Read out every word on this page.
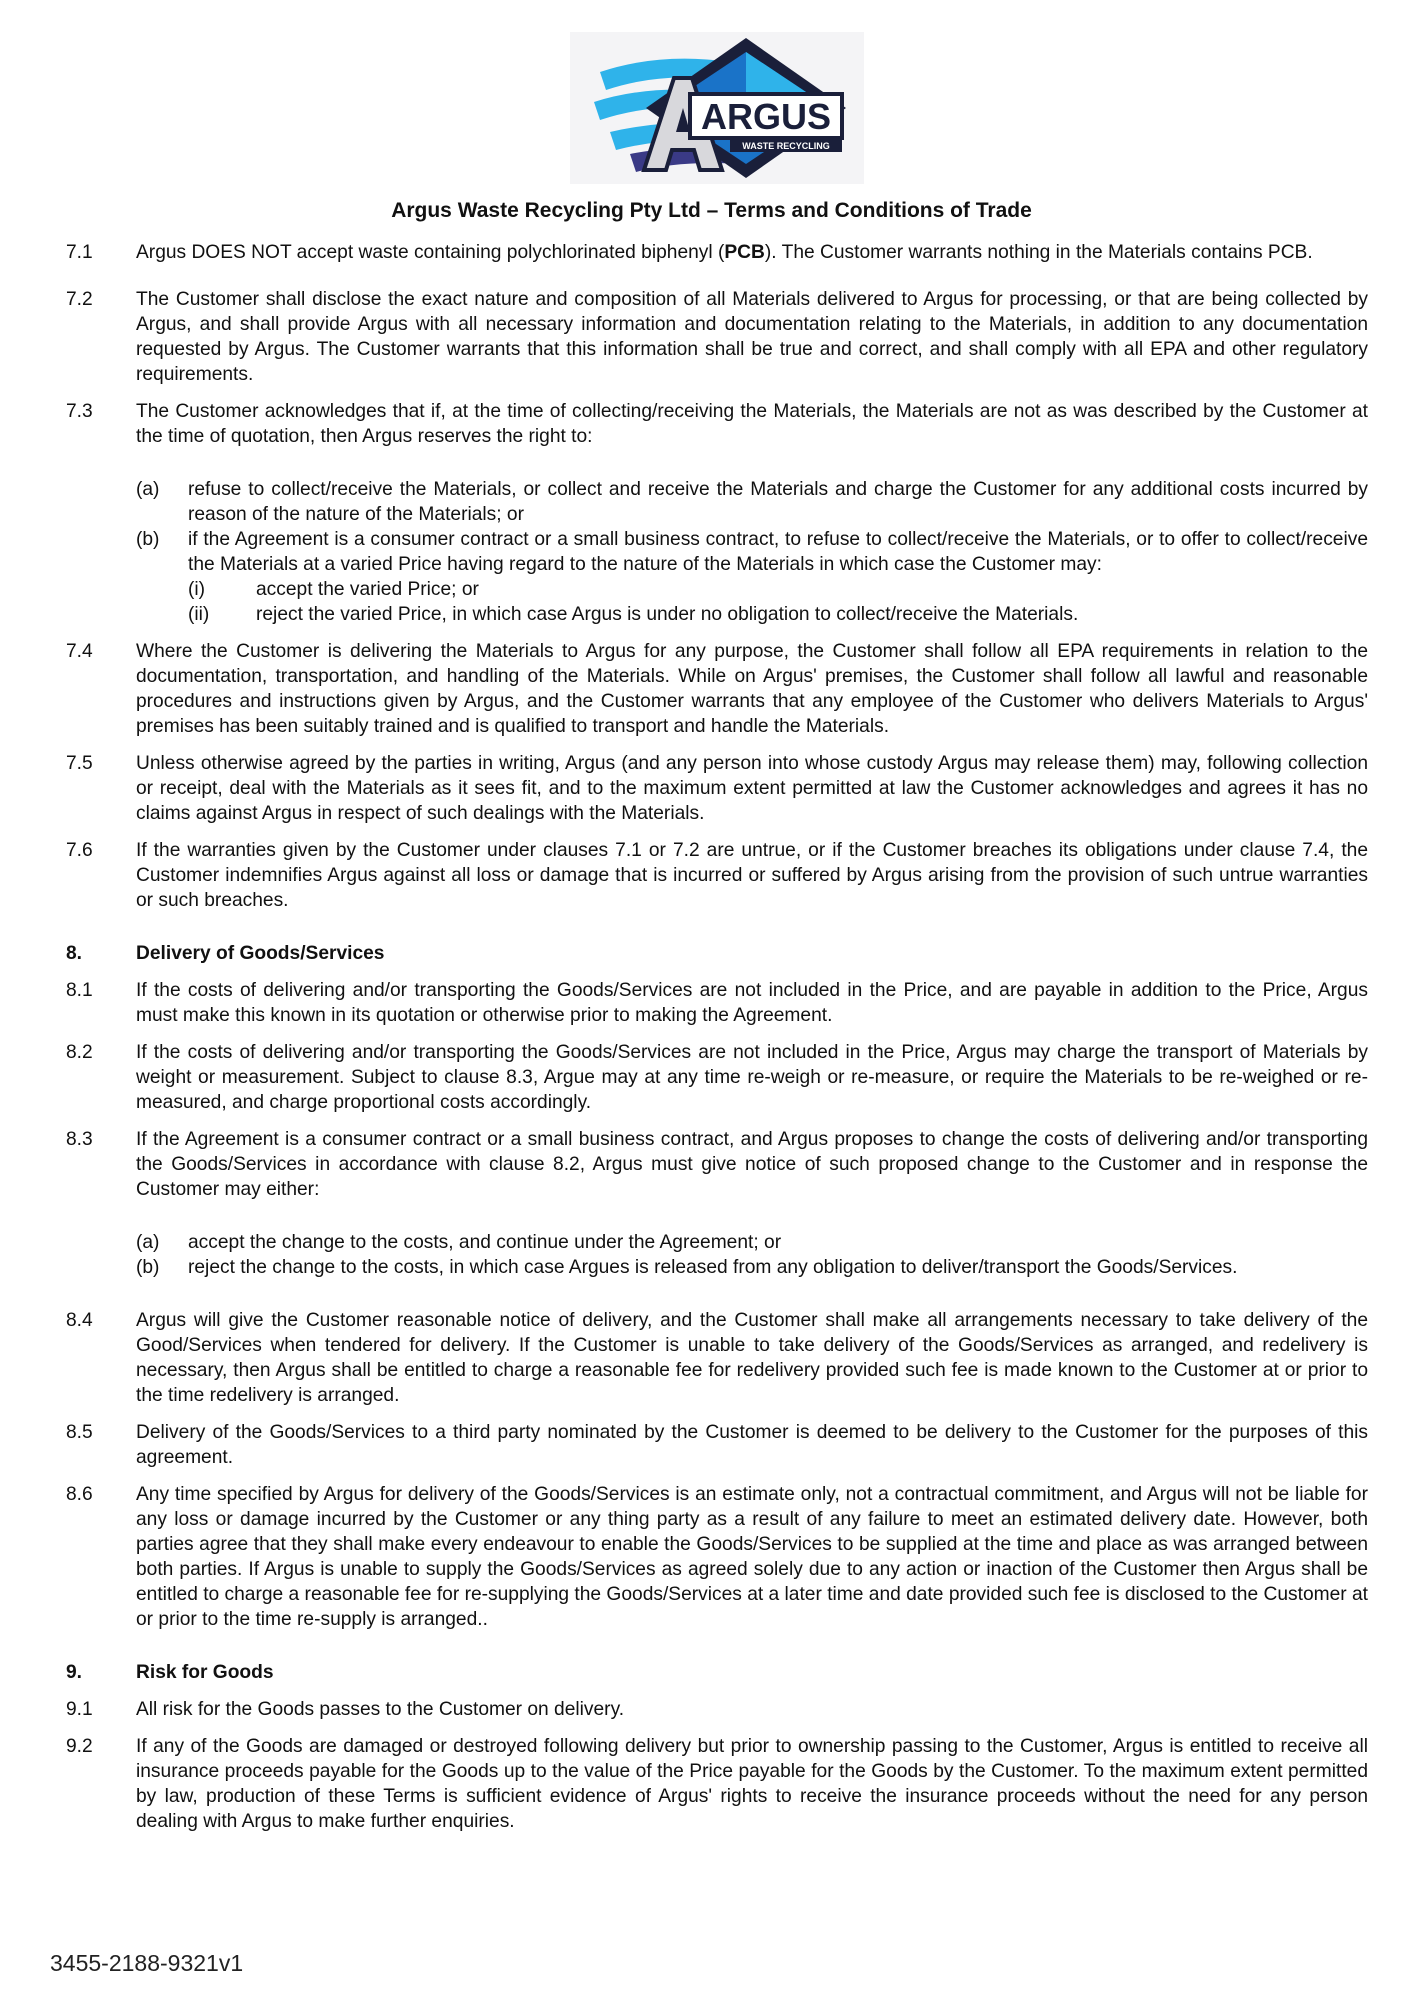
ARGUS
WASTE RECYCLING
Argus Waste Recycling Pty Ltd – Terms and Conditions of Trade
7.1	Argus DOES NOT accept waste containing polychlorinated biphenyl (PCB). The Customer warrants nothing in the Materials contains PCB.
7.2	The Customer shall disclose the exact nature and composition of all Materials delivered to Argus for processing, or that are being collected by Argus, and shall provide Argus with all necessary information and documentation relating to the Materials, in addition to any documentation requested by Argus. The Customer warrants that this information shall be true and correct, and shall comply with all EPA and other regulatory requirements.
7.3	The Customer acknowledges that if, at the time of collecting/receiving the Materials, the Materials are not as was described by the Customer at the time of quotation, then Argus reserves the right to:

(a)	refuse to collect/receive the Materials, or collect and receive the Materials and charge the Customer for any additional costs incurred by reason of the nature of the Materials; or
(b)	if the Agreement is a consumer contract or a small business contract, to refuse to collect/receive the Materials, or to offer to collect/receive the Materials at a varied Price having regard to the nature of the Materials in which case the Customer may:

(i)	accept the varied Price; or
(ii)	reject the varied Price, in which case Argus is under no obligation to collect/receive the Materials.
7.4	Where the Customer is delivering the Materials to Argus for any purpose, the Customer shall follow all EPA requirements in relation to the documentation, transportation, and handling of the Materials. While on Argus' premises, the Customer shall follow all lawful and reasonable procedures and instructions given by Argus, and the Customer warrants that any employee of the Customer who delivers Materials to Argus' premises has been suitably trained and is qualified to transport and handle the Materials.
7.5	Unless otherwise agreed by the parties in writing, Argus (and any person into whose custody Argus may release them) may, following collection or receipt, deal with the Materials as it sees fit, and to the maximum extent permitted at law the Customer acknowledges and agrees it has no claims against Argus in respect of such dealings with the Materials.
7.6	If the warranties given by the Customer under clauses 7.1 or 7.2 are untrue, or if the Customer breaches its obligations under clause 7.4, the Customer indemnifies Argus against all loss or damage that is incurred or suffered by Argus arising from the provision of such untrue warranties or such breaches.
8.	Delivery of Goods/Services
8.1	If the costs of delivering and/or transporting the Goods/Services are not included in the Price, and are payable in addition to the Price, Argus must make this known in its quotation or otherwise prior to making the Agreement.
8.2	If the costs of delivering and/or transporting the Goods/Services are not included in the Price, Argus may charge the transport of Materials by weight or measurement. Subject to clause 8.3, Argue may at any time re-weigh or re-measure, or require the Materials to be re-weighed or re-measured, and charge proportional costs accordingly.
8.3	If the Agreement is a consumer contract or a small business contract, and Argus proposes to change the costs of delivering and/or transporting the Goods/Services in accordance with clause 8.2, Argus must give notice of such proposed change to the Customer and in response the Customer may either:

(a)	accept the change to the costs, and continue under the Agreement; or
(b)	reject the change to the costs, in which case Argues is released from any obligation to deliver/transport the Goods/Services.
8.4	Argus will give the Customer reasonable notice of delivery, and the Customer shall make all arrangements necessary to take delivery of the Good/Services when tendered for delivery. If the Customer is unable to take delivery of the Goods/Services as arranged, and redelivery is necessary, then Argus shall be entitled to charge a reasonable fee for redelivery provided such fee is made known to the Customer at or prior to the time redelivery is arranged.
8.5	Delivery of the Goods/Services to a third party nominated by the Customer is deemed to be delivery to the Customer for the purposes of this agreement.
8.6	Any time specified by Argus for delivery of the Goods/Services is an estimate only, not a contractual commitment, and Argus will not be liable for any loss or damage incurred by the Customer or any thing party as a result of any failure to meet an estimated delivery date. However, both parties agree that they shall make every endeavour to enable the Goods/Services to be supplied at the time and place as was arranged between both parties. If Argus is unable to supply the Goods/Services as agreed solely due to any action or inaction of the Customer then Argus shall be entitled to charge a reasonable fee for re-supplying the Goods/Services at a later time and date provided such fee is disclosed to the Customer at or prior to the time re-supply is arranged..
9.	Risk for Goods
9.1	All risk for the Goods passes to the Customer on delivery.
9.2	If any of the Goods are damaged or destroyed following delivery but prior to ownership passing to the Customer, Argus is entitled to receive all insurance proceeds payable for the Goods up to the value of the Price payable for the Goods by the Customer. To the maximum extent permitted by law, production of these Terms is sufficient evidence of Argus' rights to receive the insurance proceeds without the need for any person dealing with Argus to make further enquiries.
3455-2188-9321v1
